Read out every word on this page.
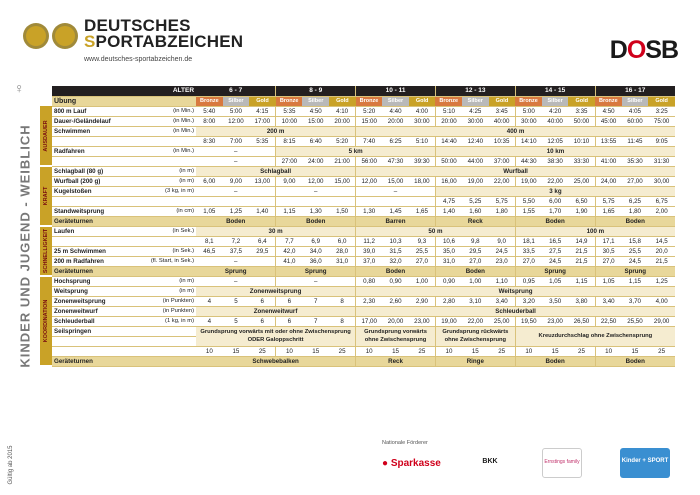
DEUTSCHES
SPORTABZEICHEN
www.deutsches-sportabzeichen.de	DOSB
♀
KINDER UND JUGEND - WEIBLICH
		ALTER	6 - 7			8 - 9			10 - 11			12 - 13			14 - 15			16 - 17		
	Übung		Bronze	Silber	Gold	Bronze	Silber	Gold	Bronze	Silber	Gold	Bronze	Silber	Gold	Bronze	Silber	Gold	Bronze	Silber	Gold

AUSDAUER	800 m Lauf	(in Min.)	5:40	5:00	4:15	5:35	4:50	4:10	5:20	4:40	4:00	5:10	4:25	3:45	5:00	4:20	3:35	4:50	4:05	3:25
	Dauer-/Geländelauf	(in Min.)	8:00	12:00	17:00	10:00	15:00	20:00	15:00	20:00	30:00	20:00	30:00	40:00	30:00	40:00	50:00	45:00	60:00	75:00
	Schwimmen	(in Min.)	200 m						400 m											
			8:30	7:00	5:35	8:15	6:40	5:20	7:40	6:25	5:10	14:40	12:40	10:35	14:10	12:05	10:10	13:55	11:45	9:05
	Radfahren	(in Min.)	–			5 km						10 km								
			–			27:00	24:00	21:00	56:00	47:30	39:30	50:00	44:00	37:00	44:30	38:30	33:30	41:00	35:30	31:30

KRAFT	Schlagball (80 g)	(in m)	Schlagball						Wurfball											
	Wurfball (200 g)	(in m)	6,00	9,00	13,00	9,00	12,00	15,00	12,00	15,00	18,00	16,00	19,00	22,00	19,00	22,00	25,00	24,00	27,00	30,00
	Kugelstoßen	(3 kg, in m)	–			–			–			3 kg								
												4,75	5,25	5,75	5,50	6,00	6,50	5,75	6,25	6,75
	Standweitsprung	(in cm)	1,05	1,25	1,40	1,15	1,30	1,50	1,30	1,45	1,65	1,40	1,60	1,80	1,55	1,70	1,90	1,65	1,80	2,00
	Geräteturnen		Boden			Boden			Barren			Reck			Boden			Boden		

SCHNELLIGKEIT	Laufen	(in Sek.)	30 m						50 m						100 m					
			8,1	7,2	6,4	7,7	6,9	6,0	11,2	10,3	9,3	10,6	9,8	9,0	18,1	16,5	14,9	17,1	15,8	14,5
	25 m Schwimmen	(in Sek.)	46,5	37,5	29,5	42,0	34,0	28,0	39,0	31,5	25,5	35,0	29,5	24,5	33,5	27,5	21,5	30,5	25,5	20,0
	200 m Radfahren	(fl. Start, in Sek.)	–			41,0	36,0	31,0	37,0	32,0	27,0	31,0	27,0	23,0	27,0	24,5	21,5	27,0	24,5	21,5
	Geräteturnen		Sprung			Sprung			Boden			Boden			Sprung			Sprung		

KOORDINATION	Hochsprung	(in m)	–			–			0,80	0,90	1,00	0,90	1,00	1,10	0,95	1,05	1,15	1,05	1,15	1,25
	Weitsprung	(in m)	Zonenweitsprung						Weitsprung											
	Zonenweitsprung	(in Punkten)	4	5	6	6	7	8	2,30	2,60	2,90	2,80	3,10	3,40	3,20	3,50	3,80	3,40	3,70	4,00
	Zonenweitwurf	(in Punkten)	Zonenweitwurf						Schleuderball											
	Schleuderball	(1 kg, in m)	4	5	6	6	7	8	17,00	20,00	23,00	19,00	22,00	25,00	19,50	23,00	26,50	22,50	25,50	29,00
	Seilspringen		Grundsprung vorwärts mit oder ohne Zwischensprung ODER Galoppschritt						Grundsprung vorwärts ohne Zwischensprung			Grundsprung rückwärts ohne Zwischensprung			Kreuzdurchschlag ohne Zwischensprung					

			10	15	25	10	15	25	10	15	25	10	15	25	10	15	25	10	15	25
	Geräteturnen		Schwebebalken						Reck			Ringe			Boden			Boden		
Gültig ab 2015
Nationale Förderer
● Sparkasse	BKK	Ernstings family	Kinder + SPORT
